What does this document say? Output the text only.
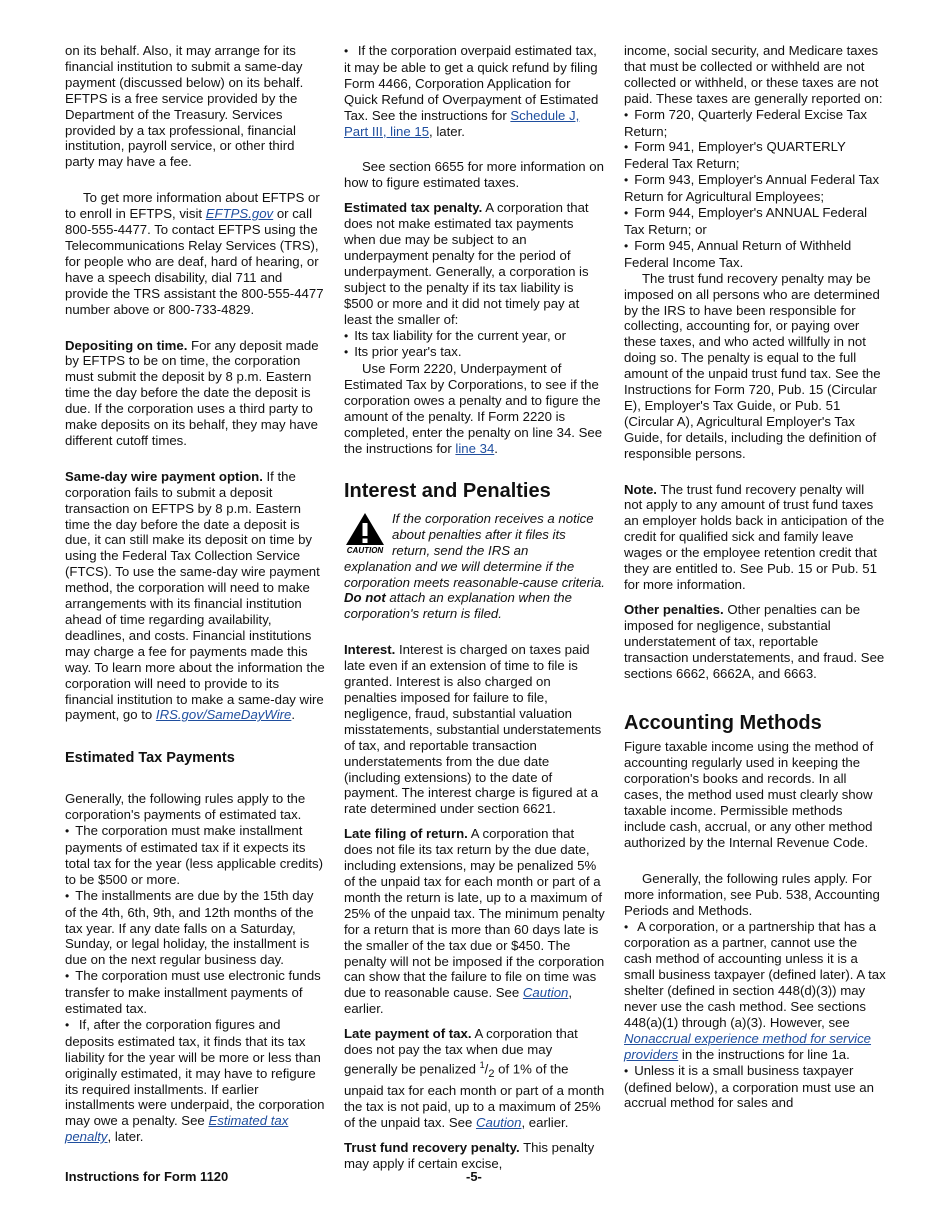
on its behalf. Also, it may arrange for its financial institution to submit a same-day payment (discussed below) on its behalf. EFTPS is a free service provided by the Department of the Treasury. Services provided by a tax professional, financial institution, payroll service, or other third party may have a fee.

To get more information about EFTPS or to enroll in EFTPS, visit EFTPS.gov or call 800-555-4477. To contact EFTPS using the Telecommunications Relay Services (TRS), for people who are deaf, hard of hearing, or have a speech disability, dial 711 and provide the TRS assistant the 800-555-4477 number above or 800-733-4829.

Depositing on time. For any deposit made by EFTPS to be on time, the corporation must submit the deposit by 8 p.m. Eastern time the day before the date the deposit is due. If the corporation uses a third party to make deposits on its behalf, they may have different cutoff times.

Same-day wire payment option. If the corporation fails to submit a deposit transaction on EFTPS by 8 p.m. Eastern time the day before the date a deposit is due, it can still make its deposit on time by using the Federal Tax Collection Service (FTCS). To use the same-day wire payment method, the corporation will need to make arrangements with its financial institution ahead of time regarding availability, deadlines, and costs. Financial institutions may charge a fee for payments made this way. To learn more about the information the corporation will need to provide to its financial institution to make a same-day wire payment, go to IRS.gov/SameDayWire.

Estimated Tax Payments

Generally, the following rules apply to the corporation's payments of estimated tax.

• The corporation must make installment payments of estimated tax if it expects its total tax for the year (less applicable credits) to be $500 or more.

• The installments are due by the 15th day of the 4th, 6th, 9th, and 12th months of the tax year. If any date falls on a Saturday, Sunday, or legal holiday, the installment is due on the next regular business day.

• The corporation must use electronic funds transfer to make installment payments of estimated tax.

• If, after the corporation figures and deposits estimated tax, it finds that its tax liability for the year will be more or less than originally estimated, it may have to refigure its required installments. If earlier installments were underpaid, the corporation may owe a penalty. See Estimated tax penalty, later.

• If the corporation overpaid estimated tax, it may be able to get a quick refund by filing Form 4466, Corporation Application for Quick Refund of Overpayment of Estimated Tax. See the instructions for Schedule J, Part III, line 15, later.

See section 6655 for more information on how to figure estimated taxes.

Estimated tax penalty. A corporation that does not make estimated tax payments when due may be subject to an underpayment penalty for the period of underpayment. Generally, a corporation is subject to the penalty if its tax liability is $500 or more and it did not timely pay at least the smaller of:

• Its tax liability for the current year, or

• Its prior year's tax.

Use Form 2220, Underpayment of Estimated Tax by Corporations, to see if the corporation owes a penalty and to figure the amount of the penalty. If Form 2220 is completed, enter the penalty on line 34. See the instructions for line 34.

Interest and Penalties
CAUTION
If the corporation receives a notice about penalties after it files its return, send the IRS an

explanation and we will determine if the corporation meets reasonable-cause criteria. Do not attach an explanation when the corporation's return is filed.

Interest. Interest is charged on taxes paid late even if an extension of time to file is granted. Interest is also charged on penalties imposed for failure to file, negligence, fraud, substantial valuation misstatements, substantial understatements of tax, and reportable transaction understatements from the due date (including extensions) to the date of payment. The interest charge is figured at a rate determined under section 6621.

Late filing of return. A corporation that does not file its tax return by the due date, including extensions, may be penalized 5% of the unpaid tax for each month or part of a month the return is late, up to a maximum of 25% of the unpaid tax. The minimum penalty for a return that is more than 60 days late is the smaller of the tax due or $450. The penalty will not be imposed if the corporation can show that the failure to file on time was due to reasonable cause. See Caution, earlier.

Late payment of tax. A corporation that does not pay the tax when due may generally be penalized $^1/_2$ of 1% of the unpaid tax for each month or part of a month the tax is not paid, up to a maximum of 25% of the unpaid tax. See Caution, earlier.

Trust fund recovery penalty. This penalty may apply if certain excise,

income, social security, and Medicare taxes that must be collected or withheld are not collected or withheld, or these taxes are not paid. These taxes are generally reported on:

• Form 720, Quarterly Federal Excise Tax Return;

• Form 941, Employer's QUARTERLY Federal Tax Return;

• Form 943, Employer's Annual Federal Tax Return for Agricultural Employees;

• Form 944, Employer's ANNUAL Federal Tax Return; or

• Form 945, Annual Return of Withheld Federal Income Tax.

The trust fund recovery penalty may be imposed on all persons who are determined by the IRS to have been responsible for collecting, accounting for, or paying over these taxes, and who acted willfully in not doing so. The penalty is equal to the full amount of the unpaid trust fund tax. See the Instructions for Form 720, Pub. 15 (Circular E), Employer's Tax Guide, or Pub. 51 (Circular A), Agricultural Employer's Tax Guide, for details, including the definition of responsible persons.

Note. The trust fund recovery penalty will not apply to any amount of trust fund taxes an employer holds back in anticipation of the credit for qualified sick and family leave wages or the employee retention credit that they are entitled to. See Pub. 15 or Pub. 51 for more information.

Other penalties. Other penalties can be imposed for negligence, substantial understatement of tax, reportable transaction understatements, and fraud. See sections 6662, 6662A, and 6663.

Accounting Methods

Figure taxable income using the method of accounting regularly used in keeping the corporation's books and records. In all cases, the method used must clearly show taxable income. Permissible methods include cash, accrual, or any other method authorized by the Internal Revenue Code.

Generally, the following rules apply. For more information, see Pub. 538, Accounting Periods and Methods.

• A corporation, or a partnership that has a corporation as a partner, cannot use the cash method of accounting unless it is a small business taxpayer (defined later). A tax shelter (defined in section 448(d)(3)) may never use the cash method. See sections 448(a)(1) through (a)(3). However, see Nonaccrual experience method for service providers in the instructions for line 1a.

• Unless it is a small business taxpayer (defined below), a corporation must use an accrual method for sales and

Instructions for Form 1120	-5-
